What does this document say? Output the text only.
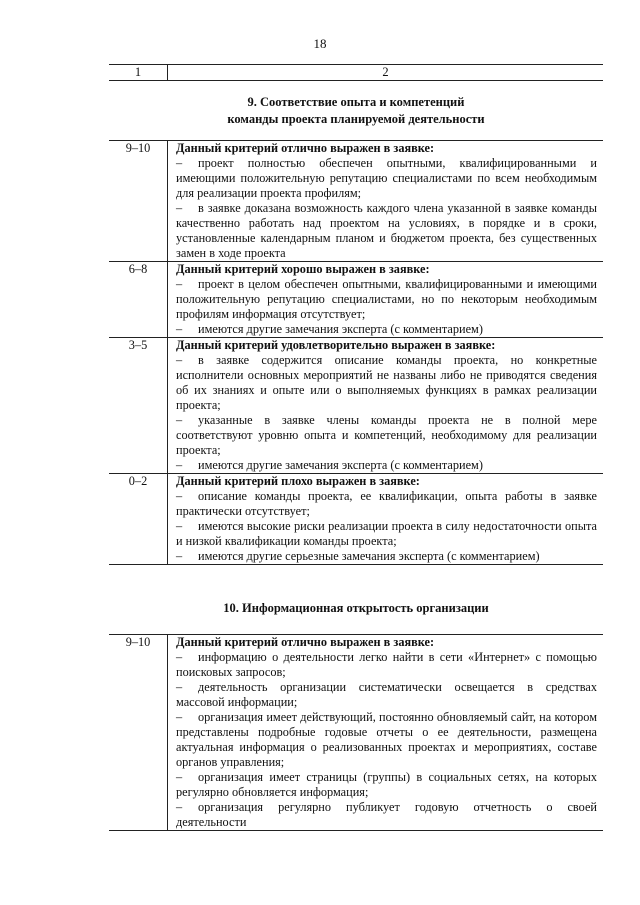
18
1	2
9. Соответствие опыта и компетенций
команды проекта планируемой деятельности
9–10	Данный критерий отлично выражен в заявке:
– проект полностью обеспечен опытными, квалифицированными и имеющими положительную репутацию специалистами по всем необходимым для реализации проекта профилям;
– в заявке доказана возможность каждого члена указанной в заявке команды качественно работать над проектом на условиях, в порядке и в сроки, установленные календарным планом и бюджетом проекта, без существенных замен в ходе проекта

6–8	Данный критерий хорошо выражен в заявке:
– проект в целом обеспечен опытными, квалифицированными и имеющими положительную репутацию специалистами, но по некоторым необходимым профилям информация отсутствует;
– имеются другие замечания эксперта (с комментарием)

3–5	Данный критерий удовлетворительно выражен в заявке:
– в заявке содержится описание команды проекта, но конкретные исполнители основных мероприятий не названы либо не приводятся сведения об их знаниях и опыте или о выполняемых функциях в рамках реализации проекта;
– указанные в заявке члены команды проекта не в полной мере соответствуют уровню опыта и компетенций, необходимому для реализации проекта;
– имеются другие замечания эксперта (с комментарием)

0–2	Данный критерий плохо выражен в заявке:
– описание команды проекта, ее квалификации, опыта работы в заявке практически отсутствует;
– имеются высокие риски реализации проекта в силу недостаточности опыта и низкой квалификации команды проекта;
– имеются другие серьезные замечания эксперта (с комментарием)
10. Информационная открытость организации
9–10	Данный критерий отлично выражен в заявке:
– информацию о деятельности легко найти в сети «Интернет» с помощью поисковых запросов;
– деятельность организации систематически освещается в средствах массовой информации;
– организация имеет действующий, постоянно обновляемый сайт, на котором представлены подробные годовые отчеты о ее деятельности, размещена актуальная информация о реализованных проектах и мероприятиях, составе органов управления;
– организация имеет страницы (группы) в социальных сетях, на которых регулярно обновляется информация;
– организация регулярно публикует годовую отчетность о своей деятельности
